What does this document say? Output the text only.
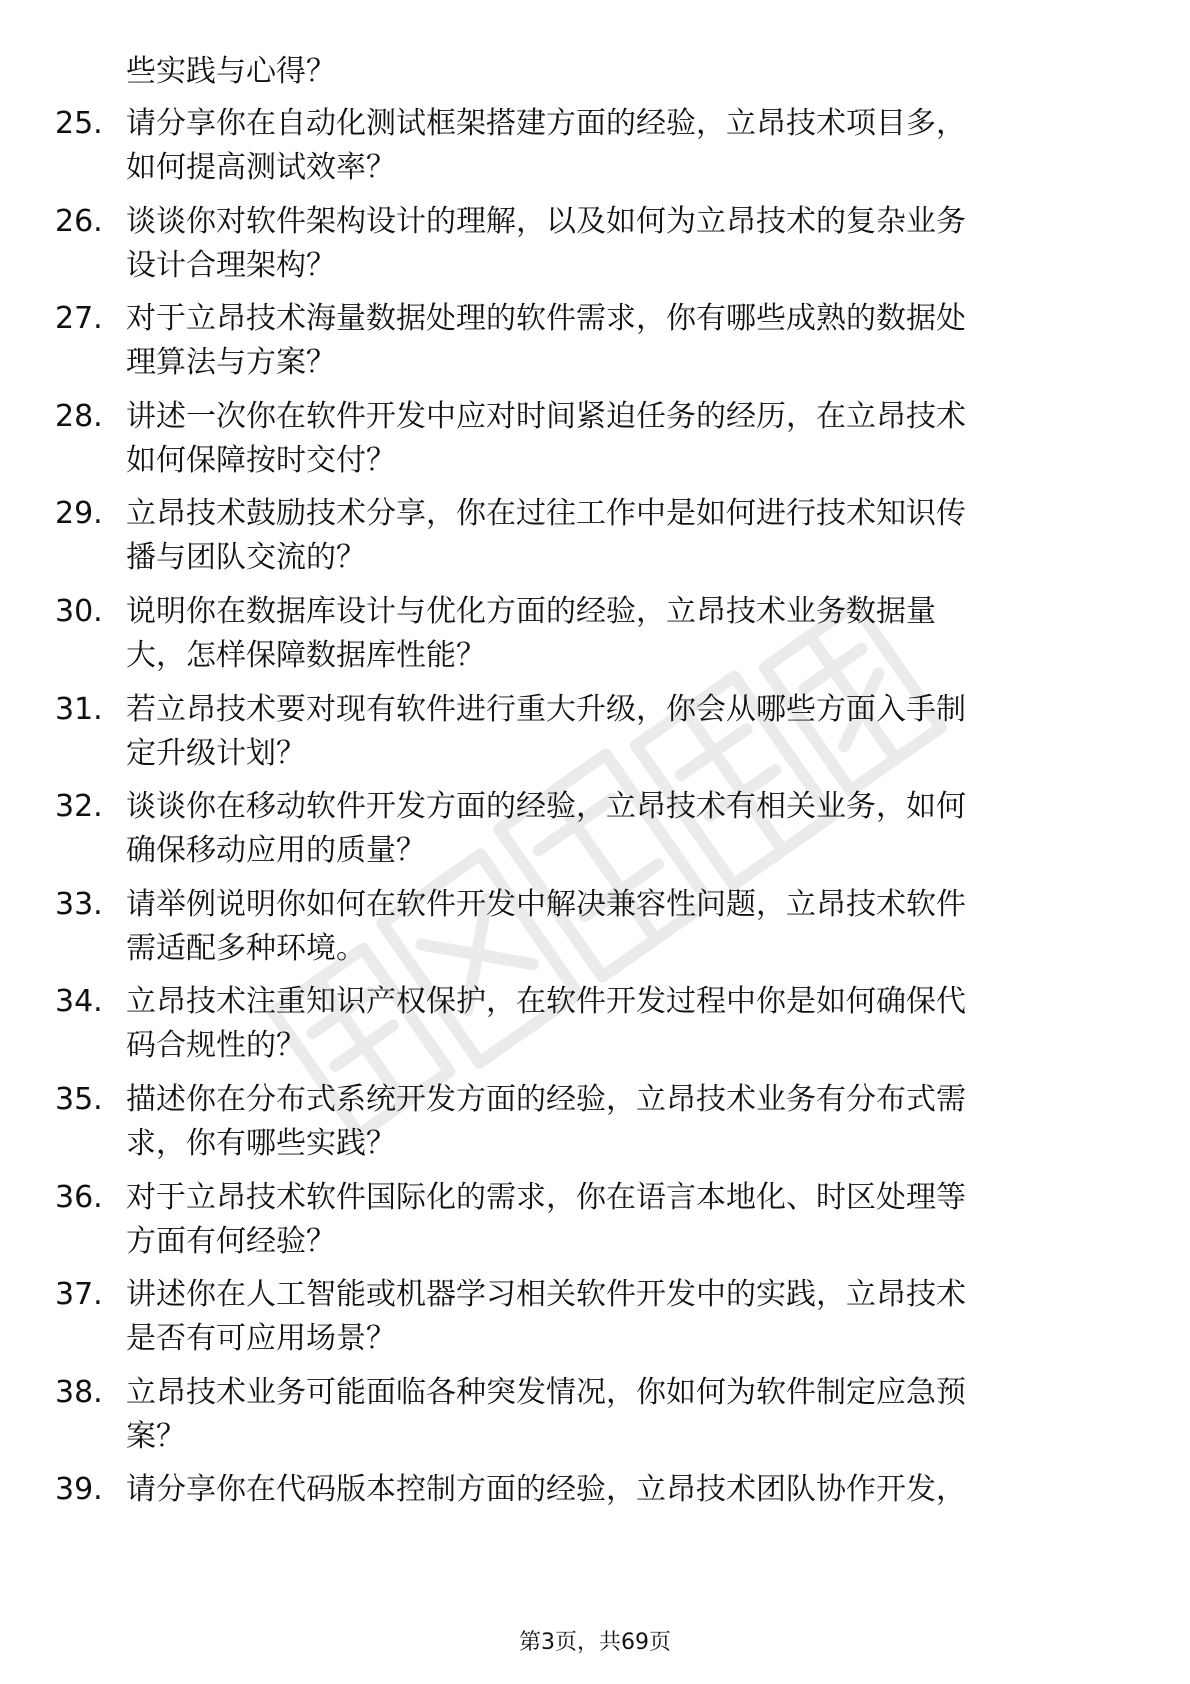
些实践与心得？
25. 请分享你在自动化测试框架搭建方面的经验，立昂技术项目多，
如何提高测试效率？
26. 谈谈你对软件架构设计的理解，以及如何为立昂技术的复杂业务
设计合理架构？
27. 对于立昂技术海量数据处理的软件需求，你有哪些成熟的数据处
理算法与方案？
28. 讲述一次你在软件开发中应对时间紧迫任务的经历，在立昂技术
如何保障按时交付？
29. 立昂技术鼓励技术分享，你在过往工作中是如何进行技术知识传
播与团队交流的？
30. 说明你在数据库设计与优化方面的经验，立昂技术业务数据量
大，怎样保障数据库性能？
31. 若立昂技术要对现有软件进行重大升级，你会从哪些方面入手制
定升级计划？
32. 谈谈你在移动软件开发方面的经验，立昂技术有相关业务，如何
确保移动应用的质量？
33. 请举例说明你如何在软件开发中解决兼容性问题，立昂技术软件
需适配多种环境。
34. 立昂技术注重知识产权保护，在软件开发过程中你是如何确保代
码合规性的？
35. 描述你在分布式系统开发方面的经验，立昂技术业务有分布式需
求，你有哪些实践？
36. 对于立昂技术软件国际化的需求，你在语言本地化、时区处理等
方面有何经验？
37. 讲述你在人工智能或机器学习相关软件开发中的实践，立昂技术
是否有可应用场景？
38. 立昂技术业务可能面临各种突发情况，你如何为软件制定应急预
案？
39. 请分享你在代码版本控制方面的经验，立昂技术团队协作开发，
第3页，共69页
